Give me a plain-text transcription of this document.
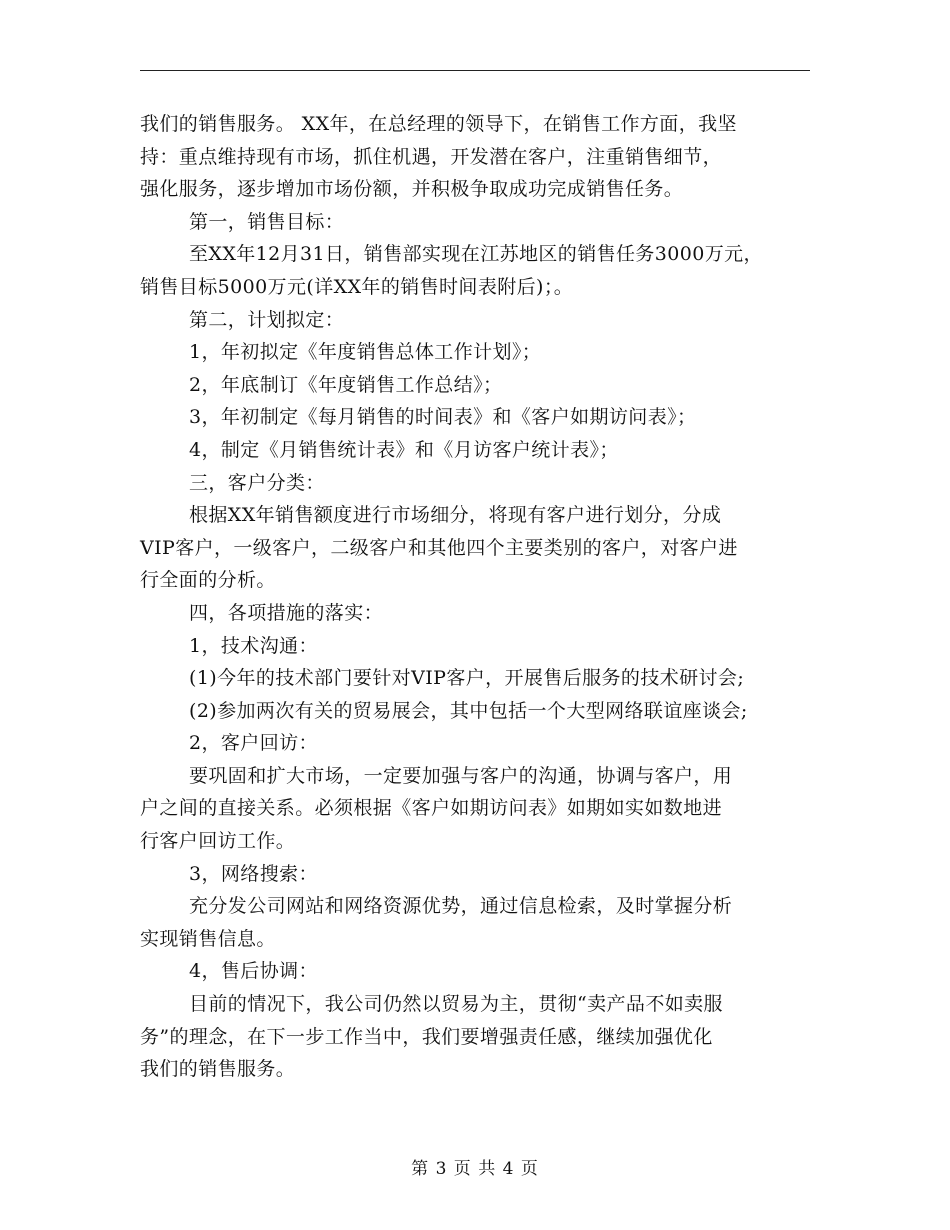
我们的销售服务。 XX年，在总经理的领导下，在销售工作方面，我坚
持：重点维持现有市场，抓住机遇，开发潜在客户，注重销售细节，
强化服务，逐步增加市场份额，并积极争取成功完成销售任务。
第一，销售目标：
至XX年12月31日，销售部实现在江苏地区的销售任务3000万元，
销售目标5000万元(详XX年的销售时间表附后)；。
第二，计划拟定：
1，年初拟定《年度销售总体工作计划》；
2，年底制订《年度销售工作总结》；
3，年初制定《每月销售的时间表》和《客户如期访问表》；
4，制定《月销售统计表》和《月访客户统计表》；
三，客户分类：
根据XX年销售额度进行市场细分，将现有客户进行划分，分成
VIP客户，一级客户，二级客户和其他四个主要类别的客户，对客户进
行全面的分析。
四，各项措施的落实：
1，技术沟通：
(1)今年的技术部门要针对VIP客户，开展售后服务的技术研讨会;
(2)参加两次有关的贸易展会，其中包括一个大型网络联谊座谈会;
2，客户回访：
要巩固和扩大市场，一定要加强与客户的沟通，协调与客户，用
户之间的直接关系。必须根据《客户如期访问表》如期如实如数地进
行客户回访工作。
3，网络搜索：
充分发公司网站和网络资源优势，通过信息检索，及时掌握分析
实现销售信息。
4，售后协调：
目前的情况下，我公司仍然以贸易为主，贯彻“卖产品不如卖服
务”的理念，在下一步工作当中，我们要增强责任感，继续加强优化
我们的销售服务。
第 3 页 共 4 页
